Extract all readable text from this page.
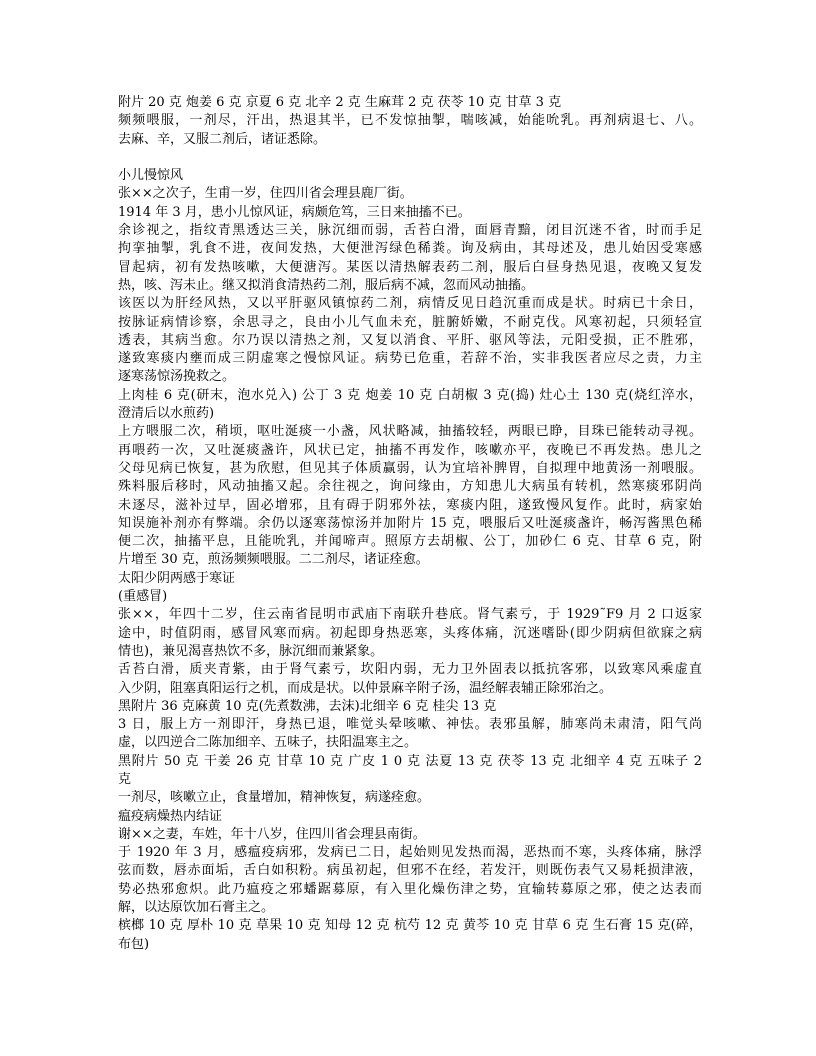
附片 20 克 炮姜 6 克 京夏 6 克 北辛 2 克 生麻茸 2 克 茯苓 10 克 甘草 3 克
频频喂服，一剂尽，汗出，热退其半，已不发惊抽掣，喘咳减，始能吮乳。再剂病退七、八。
去麻、辛，又服二剂后，诸证悉除。
小儿慢惊风
张××之次子，生甫一岁，住四川省会理县鹿厂街。
1914 年 3 月，患小儿惊风证，病颇危笃，三日来抽搐不已。
余诊视之，指纹青黑透达三关，脉沉细而弱，舌苔白滑，面唇青黯，闭目沉迷不省，时而手足
拘挛抽掣，乳食不进，夜间发热，大便泄泻绿色稀粪。询及病由，其母述及，患儿始因受寒感
冒起病，初有发热咳嗽，大便溏泻。某医以清热解表药二剂，服后白昼身热见退，夜晚又复发
热，咳、泻未止。继又拟消食清热药二剂，服后病不减，忽而风动抽搐。
该医以为肝经风热，又以平肝驱风镇惊药二剂，病情反见日趋沉重而成是状。时病已十余日，
按脉证病情诊察，余思寻之，良由小儿气血未充，脏腑娇嫩，不耐克伐。风寒初起，只须轻宣
透表，其病当愈。尔乃误以清热之剂，又复以消食、平肝、驱风等法，元阳受损，正不胜邪，
遂致寒痰内壅而成三阴虚寒之慢惊风证。病势已危重，若辞不治，实非我医者应尽之责，力主
逐寒荡惊汤挽救之。
上肉桂 6 克(研末，泡水兑入) 公丁 3 克 炮姜 10 克 白胡椒 3 克(捣) 灶心土 130 克(烧红淬水，
澄清后以水煎药)
上方喂服二次，稍顷，呕吐涎痰一小盏，风状略减，抽搐较轻，两眼已睁，目珠已能转动寻视。
再喂药一次，又吐涎痰盏许，风状已定，抽搐不再发作，咳嗽亦平，夜晚已不再发热。患儿之
父母见病已恢复，甚为欣慰，但见其子体质赢弱，认为宜培补脾胃，自拟理中地黄汤一剂喂服。
殊料服后移时，风动抽搐又起。余往视之，询问缘由，方知患儿大病虽有转机，然寒痰邪阴尚
未逐尽，滋补过早，固必增邪，且有碍于阴邪外祛，寒痰内阻，遂致慢风复作。此时，病家始
知误施补剂亦有弊端。余仍以逐寒荡惊汤并加附片 15 克，喂服后又吐涎痰盏许，畅泻酱黑色稀
便二次，抽搐平息，且能吮乳，并闻啼声。照原方去胡椒、公丁，加砂仁 6 克、甘草 6 克，附
片增至 30 克，煎汤频频喂服。二二剂尽，诸证痊愈。
太阳少阴两感于寒证
(重感冒)
张××，年四十二岁，住云南省昆明市武庙下南联升巷底。肾气素亏，于 1929˜F9 月 2 口返家
途中，时值阴雨，感冒风寒而病。初起即身热恶寒，头疼体痛，沉迷嗜卧(即少阴病但欲寐之病
情也)，兼见渴喜热饮不多，脉沉细而兼紧象。
舌苔白滑，质夹青紫，由于肾气素亏，坎阳内弱，无力卫外固表以抵抗客邪，以致寒风乘虚直
入少阴，阻塞真阳运行之机，而成是状。以仲景麻辛附子汤，温经解表辅正除邪治之。
黑附片 36 克麻黄 10 克(先煮数沸，去沫)北细辛 6 克 桂尖 13 克
3 日，服上方一剂即汗，身热已退，唯觉头晕咳嗽、神怯。表邪虽解，肺寒尚未肃清，阳气尚
虚，以四逆合二陈加细辛、五味子，扶阳温寒主之。
黑附片 50 克 干姜 26 克 甘草 10 克 广皮 1 0 克 法夏 13 克 茯苓 13 克 北细辛 4 克 五味子 2
克
一剂尽，咳嗽立止，食量增加，精神恢复，病遂痊愈。
瘟疫病燥热内结证
谢××之妻，车姓，年十八岁，住四川省会理县南街。
于 1920 年 3 月，感瘟疫病邪，发病已二日，起始则见发热而渴，恶热而不寒，头疼体痛，脉浮
弦而数，唇赤面垢，舌白如积粉。病虽初起，但邪不在经，若发汗，则既伤表气又易耗损津液，
势必热邪愈炽。此乃瘟疫之邪蟠踞募原，有入里化燥伤津之势，宜输转募原之邪，使之达表而
解，以达原饮加石膏主之。
槟榔 10 克 厚朴 10 克 草果 10 克 知母 12 克 杭芍 12 克 黄芩 10 克 甘草 6 克 生石膏 15 克(碎，
布包)
